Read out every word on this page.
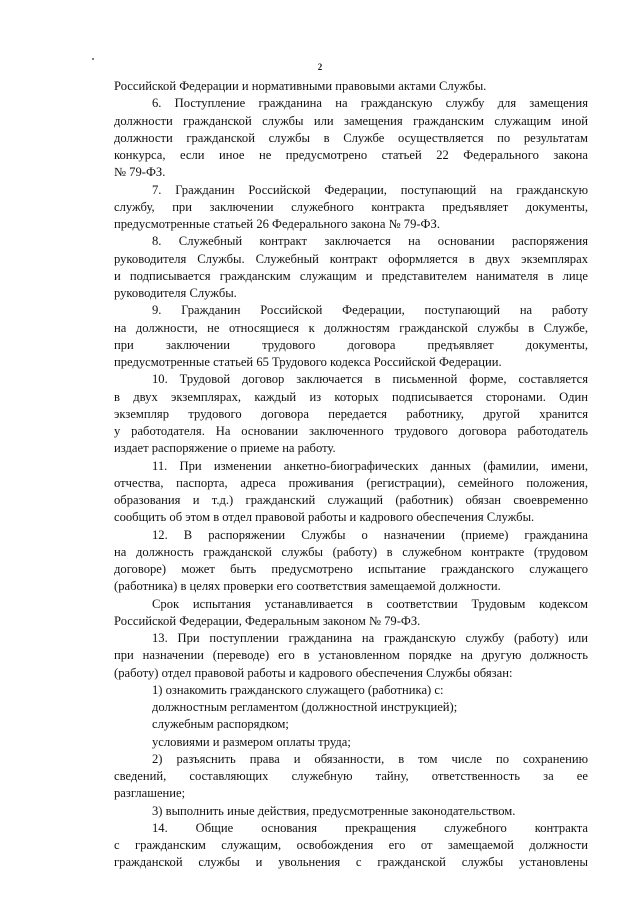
2
Российской Федерации и нормативными правовыми актами Службы.
6. Поступление гражданина на гражданскую службу для замещения
должности гражданской службы или замещения гражданским служащим иной
должности гражданской службы в Службе осуществляется по результатам
конкурса, если иное не предусмотрено статьей 22 Федерального закона
№ 79-ФЗ.
7. Гражданин Российской Федерации, поступающий на гражданскую
службу, при заключении служебного контракта предъявляет документы,
предусмотренные статьей 26 Федерального закона № 79-ФЗ.
8. Служебный контракт заключается на основании распоряжения
руководителя Службы. Служебный контракт оформляется в двух экземплярах
и подписывается гражданским служащим и представителем нанимателя в лице
руководителя Службы.
9. Гражданин Российской Федерации, поступающий на работу
на должности, не относящиеся к должностям гражданской службы в Службе,
при заключении трудового договора предъявляет документы,
предусмотренные статьей 65 Трудового кодекса Российской Федерации.
10. Трудовой договор заключается в письменной форме, составляется
в двух экземплярах, каждый из которых подписывается сторонами. Один
экземпляр трудового договора передается работнику, другой хранится
у работодателя. На основании заключенного трудового договора работодатель
издает распоряжение о приеме на работу.
11. При изменении анкетно-биографических данных (фамилии, имени,
отчества, паспорта, адреса проживания (регистрации), семейного положения,
образования и т.д.) гражданский служащий (работник) обязан своевременно
сообщить об этом в отдел правовой работы и кадрового обеспечения Службы.
12. В распоряжении Службы о назначении (приеме) гражданина
на должность гражданской службы (работу) в служебном контракте (трудовом
договоре) может быть предусмотрено испытание гражданского служащего
(работника) в целях проверки его соответствия замещаемой должности.
Срок испытания устанавливается в соответствии Трудовым кодексом
Российской Федерации, Федеральным законом № 79-ФЗ.
13. При поступлении гражданина на гражданскую службу (работу) или
при назначении (переводе) его в установленном порядке на другую должность
(работу) отдел правовой работы и кадрового обеспечения Службы обязан:
1) ознакомить гражданского служащего (работника) с:
должностным регламентом (должностной инструкцией);
служебным распорядком;
условиями и размером оплаты труда;
2) разъяснить права и обязанности, в том числе по сохранению
сведений, составляющих служебную тайну, ответственность за ее
разглашение;
3) выполнить иные действия, предусмотренные законодательством.
14. Общие основания прекращения служебного контракта
с гражданским служащим, освобождения его от замещаемой должности
гражданской службы и увольнения с гражданской службы установлены
